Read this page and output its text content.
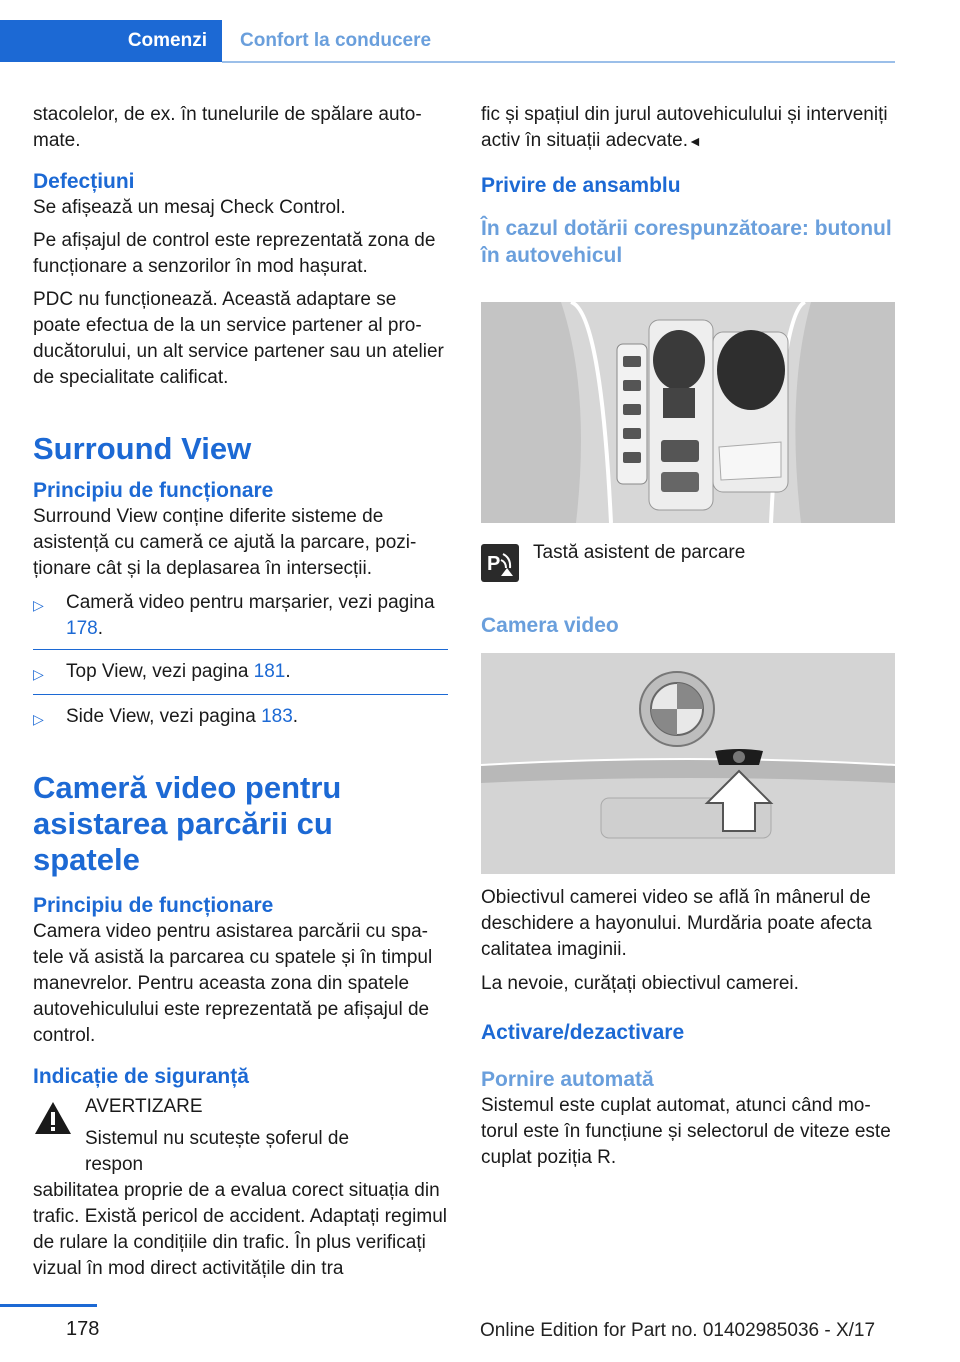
Comenzi	Confort la conducere

stacolelor, de ex. în tunelurile de spălare automate.

Defecțiuni

Se afișează un mesaj Check Control.

Pe afișajul de control este reprezentată zona de funcționare a senzorilor în mod hașurat.

PDC nu funcționează. Această adaptare se poate efectua de la un service partener al producătorului, un alt service partener sau un atelier de specialitate calificat.

Surround View
Principiu de funcționare

Surround View conține diferite sisteme de asistență cu cameră ce ajută la parcare, poziționare cât și la deplasarea în intersecții.

▷	Cameră video pentru marșarier, vezi pagina 178.
▷	Top View, vezi pagina 181.
▷	Side View, vezi pagina 183.
Cameră video pentru asistarea parcării cu spatele
Principiu de funcționare

Camera video pentru asistarea parcării cu spatele vă asistă la parcarea cu spatele și în timpul manevrelor. Pentru aceasta zona din spatele autovehiculului este reprezentată pe afișajul de control.

Indicație de siguranță

AVERTIZARE

Sistemul nu scutește șoferul de respon

sabilitatea proprie de a evalua corect situația din trafic. Există pericol de accident. Adaptați regimul de rulare la condițiile din trafic. În plus verificați vizual în mod direct activitățile din tra

fic și spațiul din jurul autovehiculului și interveniți activ în situații adecvate.◄

Privire de ansamblu
În cazul dotării corespunzătoare: butonul în autovehicul
P
Tastă asistent de parcare
Camera video

Obiectivul camerei video se află în mânerul de deschidere a hayonului. Murdăria poate afecta calitatea imaginii.

La nevoie, curățați obiectivul camerei.

Activare/dezactivare
Pornire automată

Sistemul este cuplat automat, atunci când motorul este în funcțiune și selectorul de viteze este cuplat poziția R.

178	Online Edition for Part no. 01402985036 - X/17
